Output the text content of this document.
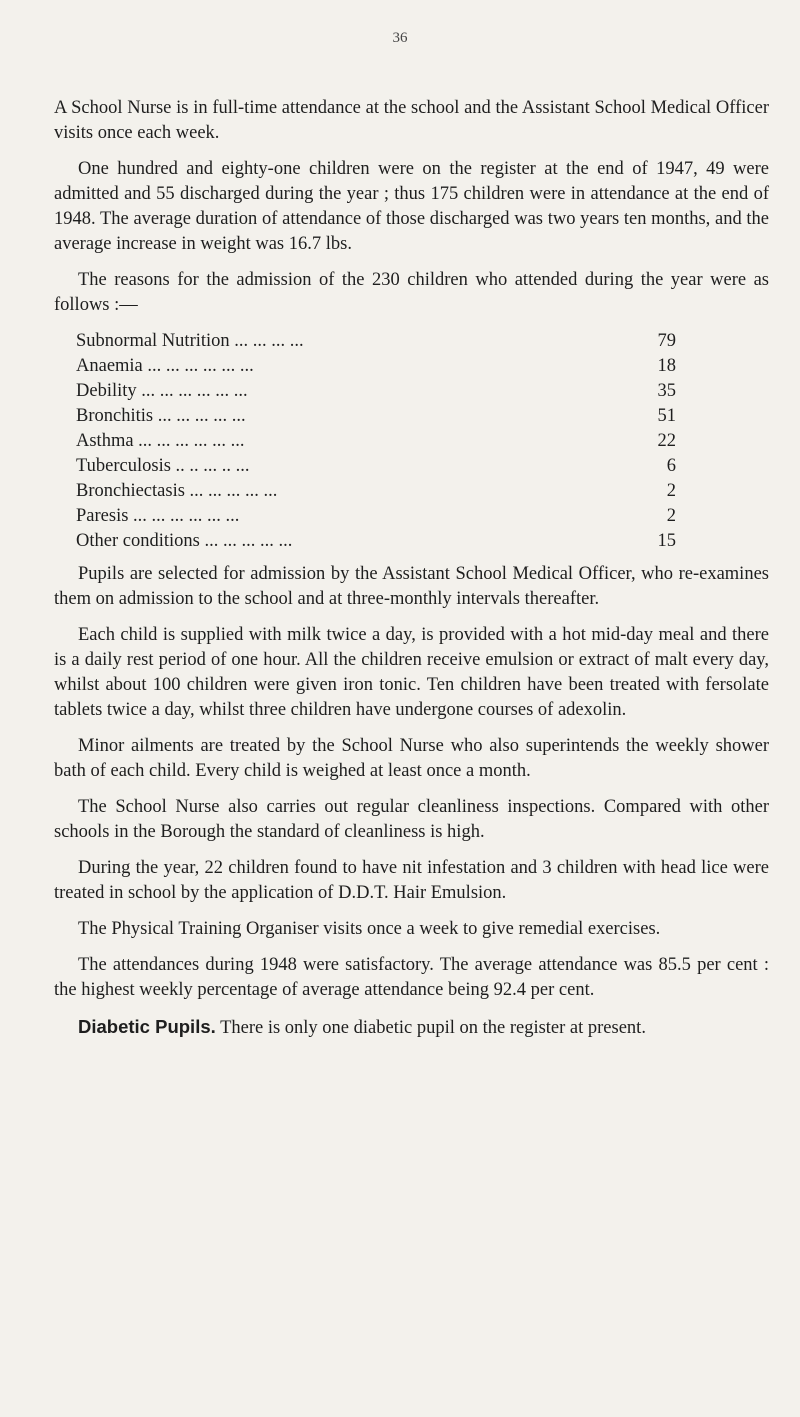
36

A School Nurse is in full-time attendance at the school and the Assistant School Medical Officer visits once each week.

One hundred and eighty-one children were on the register at the end of 1947, 49 were admitted and 55 discharged during the year ; thus 175 children were in attendance at the end of 1948. The average duration of attendance of those discharged was two years ten months, and the average increase in weight was 16.7 lbs.

The reasons for the admission of the 230 children who attended during the year were as follows :—

Subnormal Nutrition ... ... ... ...	79
Anaemia ... ... ... ... ... ...	18
Debility ... ... ... ... ... ...	35
Bronchitis ... ... ... ... ...	51
Asthma ... ... ... ... ... ...	22
Tuberculosis .. .. ... .. ...	6
Bronchiectasis ... ... ... ... ...	2
Paresis ... ... ... ... ... ...	2
Other conditions ... ... ... ... ...	15

Pupils are selected for admission by the Assistant School Medical Officer, who re-examines them on admission to the school and at three-monthly intervals thereafter.

Each child is supplied with milk twice a day, is provided with a hot mid-day meal and there is a daily rest period of one hour. All the children receive emulsion or extract of malt every day, whilst about 100 children were given iron tonic. Ten children have been treated with fersolate tablets twice a day, whilst three children have undergone courses of adexolin.

Minor ailments are treated by the School Nurse who also superintends the weekly shower bath of each child. Every child is weighed at least once a month.

The School Nurse also carries out regular cleanliness inspections. Compared with other schools in the Borough the standard of cleanliness is high.

During the year, 22 children found to have nit infestation and 3 children with head lice were treated in school by the application of D.D.T. Hair Emulsion.

The Physical Training Organiser visits once a week to give remedial exercises.

The attendances during 1948 were satisfactory. The average attendance was 85.5 per cent : the highest weekly percentage of average attendance being 92.4 per cent.

Diabetic Pupils. There is only one diabetic pupil on the register at present.
